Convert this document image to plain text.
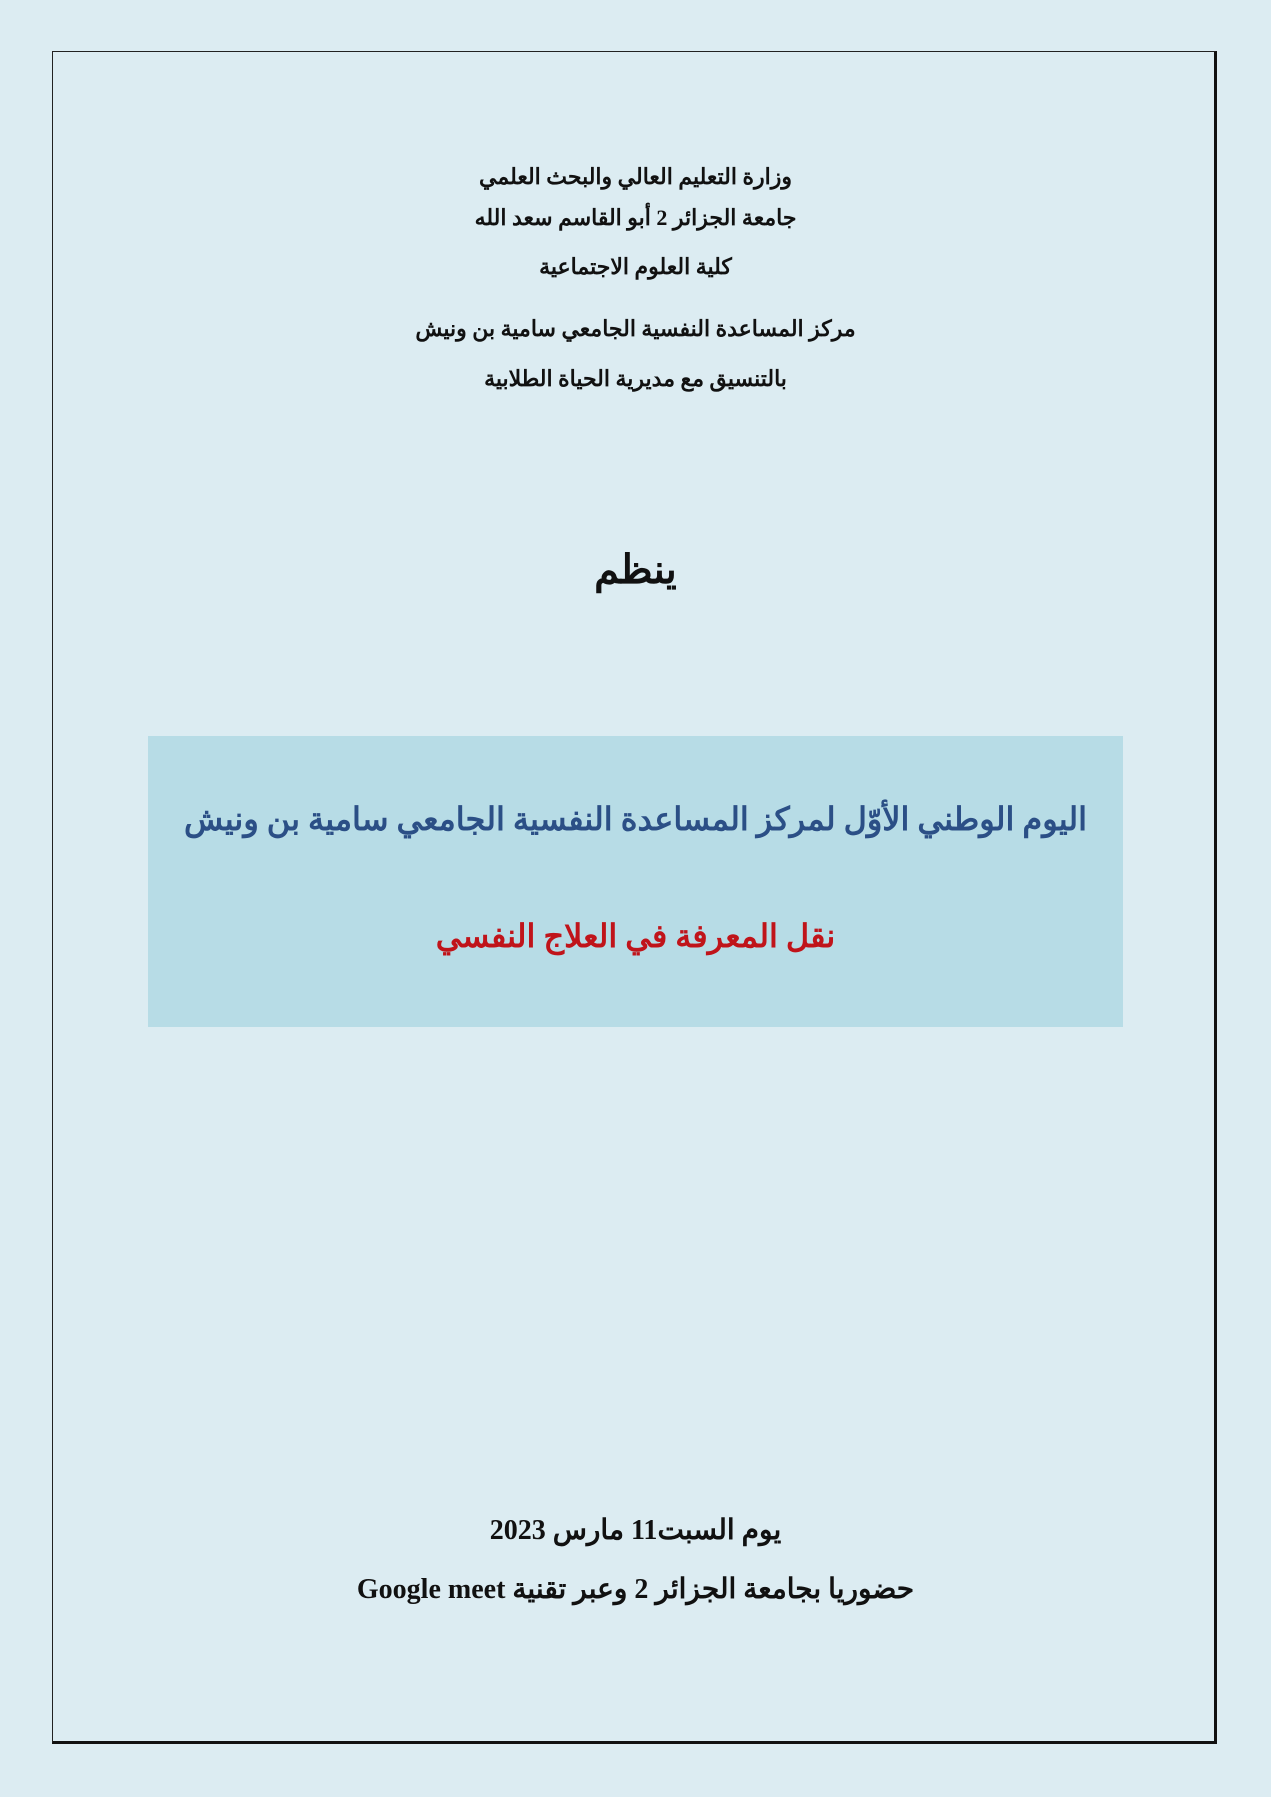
وزارة التعليم العالي والبحث العلمي
جامعة الجزائر 2 أبو القاسم سعد الله
كلية العلوم الاجتماعية
مركز المساعدة النفسية الجامعي سامية بن ونيش
بالتنسيق مع مديرية الحياة الطلابية
ينظم
اليوم الوطني الأوّل لمركز المساعدة النفسية الجامعي سامية بن ونيش
نقل المعرفة في العلاج النفسي
يوم السبت11 مارس 2023
حضوريا بجامعة الجزائر 2 وعبر تقنية Google meet
